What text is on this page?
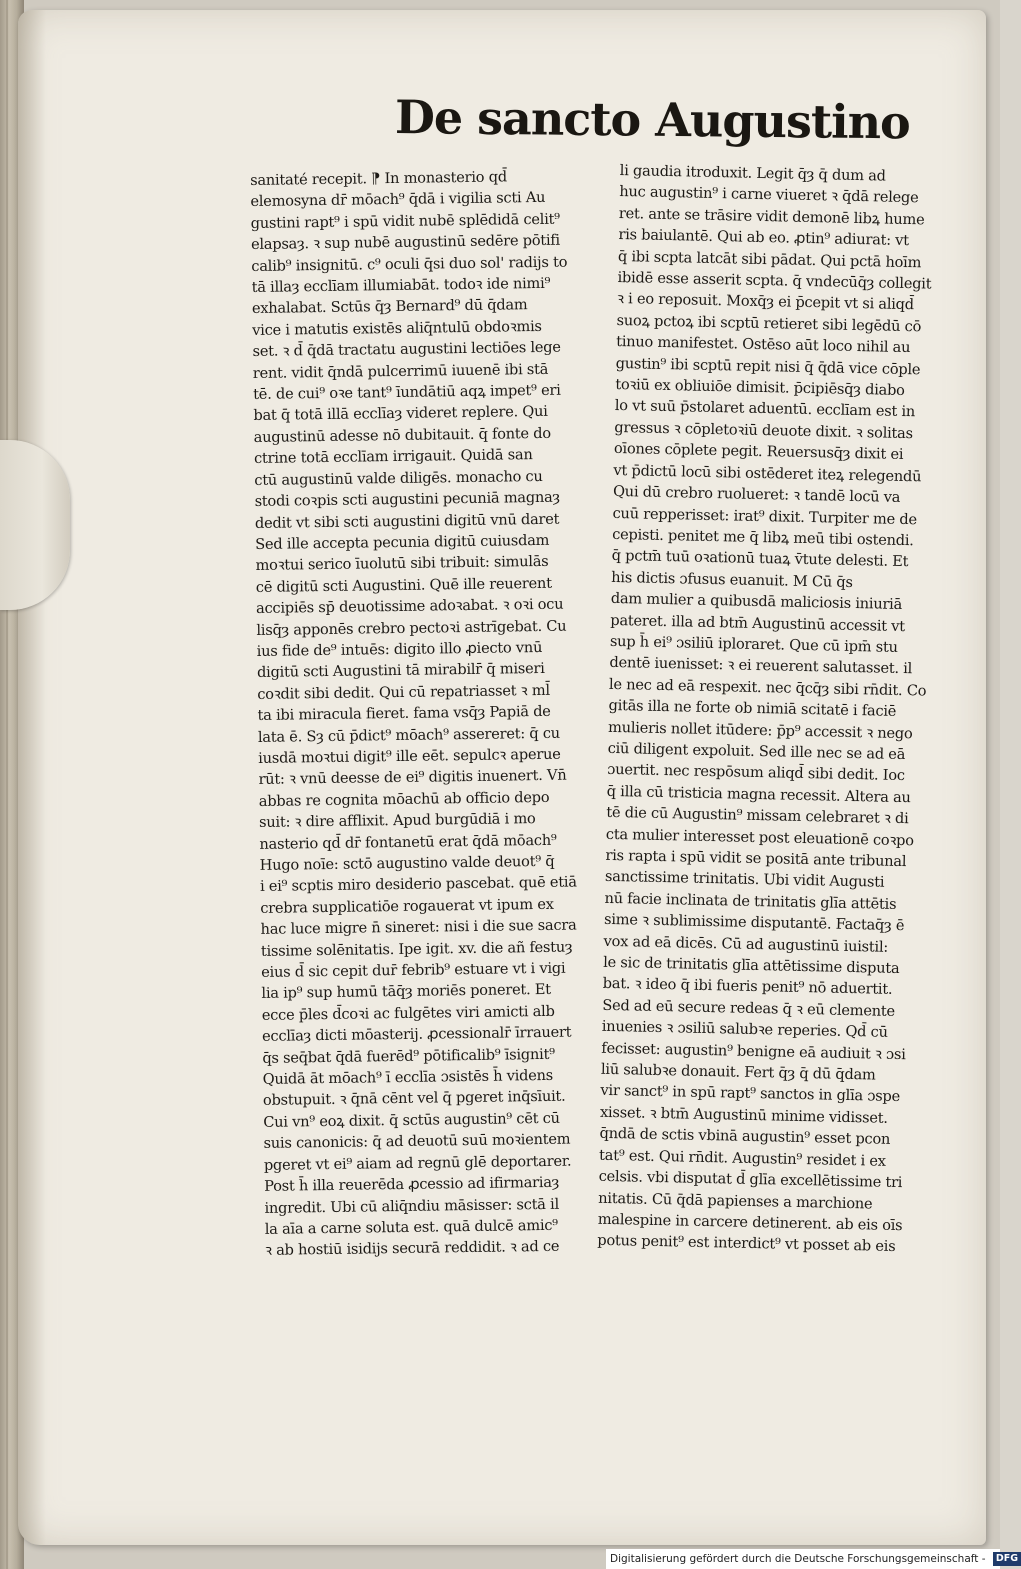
De sancto Augustino
sanitaté recepit. ⁋ In monasterio qd̄
elemosyna dr̄ mōach⁹ q̄dā i vigilia scti Au
gustini rapt⁹ i spū vidit nubē splēdidā celit⁹
elapsaȝ. ꝛ sup nubē augustinū sedēre pōtifi
calib⁹ insignitū. c⁹ oculi q̄si duo sol' radijs to
tā illaȝ ecclīam illumiabāt. todoꝛ ide nimi⁹
exhalabat. Sctūs q̄ȝ Bernard⁹ dū q̄dam
vice i matutis existēs aliq̄ntulū obdoꝛmis
set. ꝛ d̄ q̄dā tractatu augustini lectiōes lege
rent. vidit q̄ndā pulcerrimū iuuenē ibi stā
tē. de cui⁹ oꝛe tant⁹ īundātiū aqꝝ impet⁹ eri
bat q̄ totā illā ecclīaȝ videret replere. Qui
augustinū adesse nō dubitauit. q̄ fonte do
ctrine totā ecclīam irrigauit. Quidā san
ctū augustinū valde diligēs. monacho cu
stodi coꝛpis scti augustini pecuniā magnaȝ
dedit vt sibi scti augustini digitū vnū daret
Sed ille accepta pecunia digitū cuiusdam
moꝛtui serico īuolutū sibi tribuit: simulās
cē digitū scti Augustini. Quē ille reuerent
accipiēs sp̄ deuotissime adoꝛabat. ꝛ oꝛi ocu
lisq̄ȝ apponēs crebro pectoꝛi astrīgebat. Cu
ius fide de⁹ intuēs: digito illo ꝓiecto vnū
digitū scti Augustini tā mirabilr̄ q̄ miseri
coꝛdit sibi dedit. Qui cū repatriasset ꝛ ml̄
ta ibi miracula fieret. fama vsq̄ȝ Papiā de
lata ē. Sȝ cū p̄dict⁹ mōach⁹ assereret: q̄ cu
iusdā moꝛtui digit⁹ ille eēt. sepulcꝛ aperue
rūt: ꝛ vnū deesse de ei⁹ digitis inuenert. Vn̄
abbas re cognita mōachū ab officio depo
suit: ꝛ dire afflixit. Apud burgūdiā i mo
nasterio qd̄ dr̄ fontanetū erat q̄dā mōach⁹
Hugo noīe: sctō augustino valde deuot⁹ q̄
i ei⁹ scptis miro desiderio pascebat. quē etiā
crebra supplicatiōe rogauerat vt ipum ex
hac luce migre n̄ sineret: nisi i die sue sacra
tissime solēnitatis. Ipe igit. xv. die añ festuȝ
eius d̄ sic cepit dur̄ febrib⁹ estuare vt i vigi
lia ip⁹ sup humū tāq̄ȝ moriēs poneret. Et
ecce p̄les d̄coꝛi ac fulgētes viri amicti alb
ecclīaȝ dicti mōasterij. ꝓcessionalr̄ īrrauert
q̄s seq̄bat q̄dā fuerēd⁹ pōtificalib⁹ īsignit⁹
Quidā āt mōach⁹ ī ecclīa ɔsistēs h̄ videns
obstupuit. ꝛ q̄nā cēnt vel q̄ pgeret inq̄sīuit.
Cui vn⁹ eoꝝ dixit. q̄ sctūs augustin⁹ cēt cū
suis canonicis: q̄ ad deuotū suū moꝛientem
pgeret vt ei⁹ aiam ad regnū glē deportarer.
Post h̄ illa reuerēda ꝓcessio ad ifirmariaȝ
ingredit. Ubi cū aliq̄ndiu māsisser: sctā il
la aīa a carne soluta est. quā dulcē amic⁹
ꝛ ab hostiū isidijs securā reddidit. ꝛ ad ce
li gaudia itroduxit. Legit q̄ȝ q̄ dum ad
huc augustin⁹ i carne viueret ꝛ q̄dā relege
ret. ante se trāsire vidit demonē libꝝ hume
ris baiulantē. Qui ab eo. ꝓtin⁹ adiurat: vt
q̄ ibi scpta latcāt sibi pādat. Qui pctā hoīm
ibidē esse asserit scpta. q̄ vndecūq̄ȝ collegit
ꝛ i eo reposuit. Moxq̄ȝ ei p̄cepit vt si aliqd̄
suoꝝ pctoꝝ ibi scptū retieret sibi legēdū cō
tinuo manifestet. Ostēso aūt loco nihil au
gustin⁹ ibi scptū repit nisi q̄ q̄dā vice cōple
toꝛiū ex obliuiōe dimisit. p̄cipiēsq̄ȝ diabo
lo vt suū p̄stolaret aduentū. ecclīam est in
gressus ꝛ cōpletoꝛiū deuote dixit. ꝛ solitas
oīones cōplete pegit. Reuersusq̄ȝ dixit ei
vt p̄dictū locū sibi ostēderet iteꝝ relegendū
Qui dū crebro ruolueret: ꝛ tandē locū va
cuū repperisset: irat⁹ dixit. Turpiter me de
cepisti. penitet me q̄ libꝝ meū tibi ostendi.
q̄ pctm̄ tuū oꝛationū tuaꝝ v̄tute delesti. Et
his dictis ɔfusus euanuit. M Cū q̄s
dam mulier a quibusdā maliciosis iniuriā
pateret. illa ad btm̄ Augustinū accessit vt
sup h̄ ei⁹ ɔsiliū iploraret. Que cū ipm̄ stu
dentē iuenisset: ꝛ ei reuerent salutasset. il
le nec ad eā respexit. nec q̄cq̄ȝ sibi rn̄dit. Co
gitās illa ne forte ob nimiā scitatē i faciē
mulieris nollet itūdere: p̄p⁹ accessit ꝛ nego
ciū diligent expoluit. Sed ille nec se ad eā
ɔuertit. nec respōsum aliqd̄ sibi dedit. Ioc
q̄ illa cū tristicia magna recessit. Altera au
tē die cū Augustin⁹ missam celebraret ꝛ di
cta mulier interesset post eleuationē coꝛpo
ris rapta i spū vidit se positā ante tribunal
sanctissime trinitatis. Ubi vidit Augusti
nū facie inclinata de trinitatis glīa attētis
sime ꝛ sublimissime disputantē. Factaq̄ȝ ē
vox ad eā dicēs. Cū ad augustinū iuistil:
le sic de trinitatis glīa attētissime disputa
bat. ꝛ ideo q̄ ibi fueris penit⁹ nō aduertit.
Sed ad eū secure redeas q̄ ꝛ eū clemente
inuenies ꝛ ɔsiliū salubꝛe reperies. Qd̄ cū
fecisset: augustin⁹ benigne eā audiuit ꝛ ɔsi
liū salubꝛe donauit. Fert q̄ȝ q̄ dū q̄dam
vir sanct⁹ in spū rapt⁹ sanctos in glīa ɔspe
xisset. ꝛ btm̄ Augustinū minime vidisset.
q̄ndā de sctis vbinā augustin⁹ esset pcon
tat⁹ est. Qui rn̄dit. Augustin⁹ residet i ex
celsis. vbi disputat d̄ glīa excellētissime tri
nitatis. Cū q̄dā papienses a marchione
malespine in carcere detinerent. ab eis oīs
potus penit⁹ est interdict⁹ vt posset ab eis
Digitalisierung gefördert durch die Deutsche Forschungsgemeinschaft - DFG
